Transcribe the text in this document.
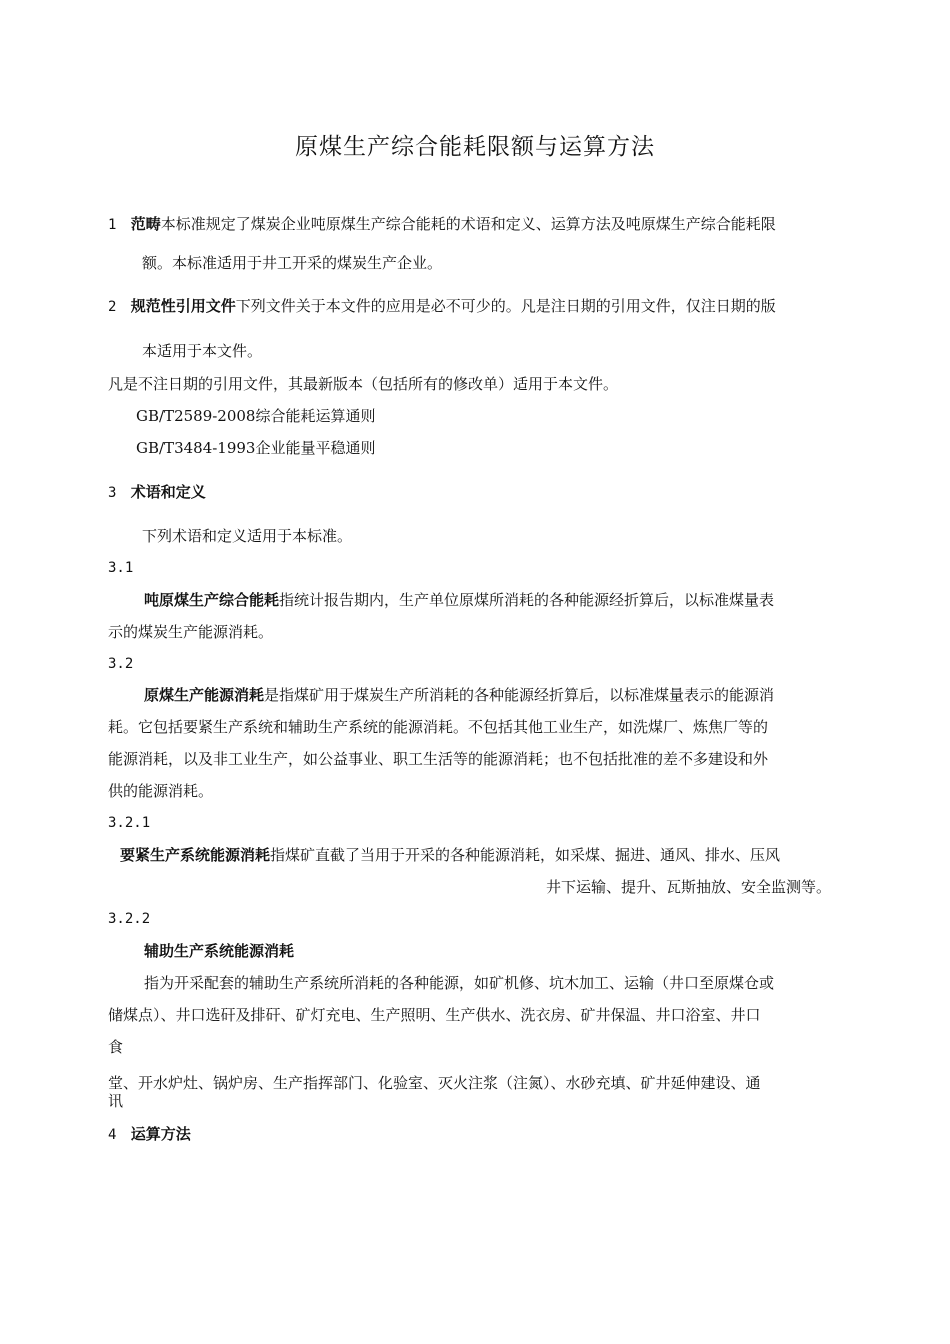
原煤生产综合能耗限额与运算方法
1 范畴本标准规定了煤炭企业吨原煤生产综合能耗的术语和定义、运算方法及吨原煤生产综合能耗限
额。本标准适用于井工开采的煤炭生产企业。
2 规范性引用文件下列文件关于本文件的应用是必不可少的。凡是注日期的引用文件，仅注日期的版
本适用于本文件。
凡是不注日期的引用文件，其最新版本（包括所有的修改单）适用于本文件。
GB/T2589-2008综合能耗运算通则
GB/T3484-1993企业能量平稳通则
3 术语和定义
下列术语和定义适用于本标准。
3.1
吨原煤生产综合能耗指统计报告期内，生产单位原煤所消耗的各种能源经折算后，以标准煤量表
示的煤炭生产能源消耗。
3.2
原煤生产能源消耗是指煤矿用于煤炭生产所消耗的各种能源经折算后，以标准煤量表示的能源消
耗。它包括要紧生产系统和辅助生产系统的能源消耗。不包括其他工业生产，如洗煤厂、炼焦厂等的
能源消耗，以及非工业生产，如公益事业、职工生活等的能源消耗；也不包括批准的差不多建设和外
供的能源消耗。
3.2.1
要紧生产系统能源消耗指煤矿直截了当用于开采的各种能源消耗，如采煤、掘进、通风、排水、压风
井下运输、提升、瓦斯抽放、安全监测等。
3.2.2
辅助生产系统能源消耗
指为开采配套的辅助生产系统所消耗的各种能源，如矿机修、坑木加工、运输（井口至原煤仓或
储煤点）、井口选矸及排矸、矿灯充电、生产照明、生产供水、洗衣房、矿井保温、井口浴室、井口
食
堂、开水炉灶、锅炉房、生产指挥部门、化验室、灭火注浆（注氮）、水砂充填、矿井延伸建设、通
讯
4 运算方法
